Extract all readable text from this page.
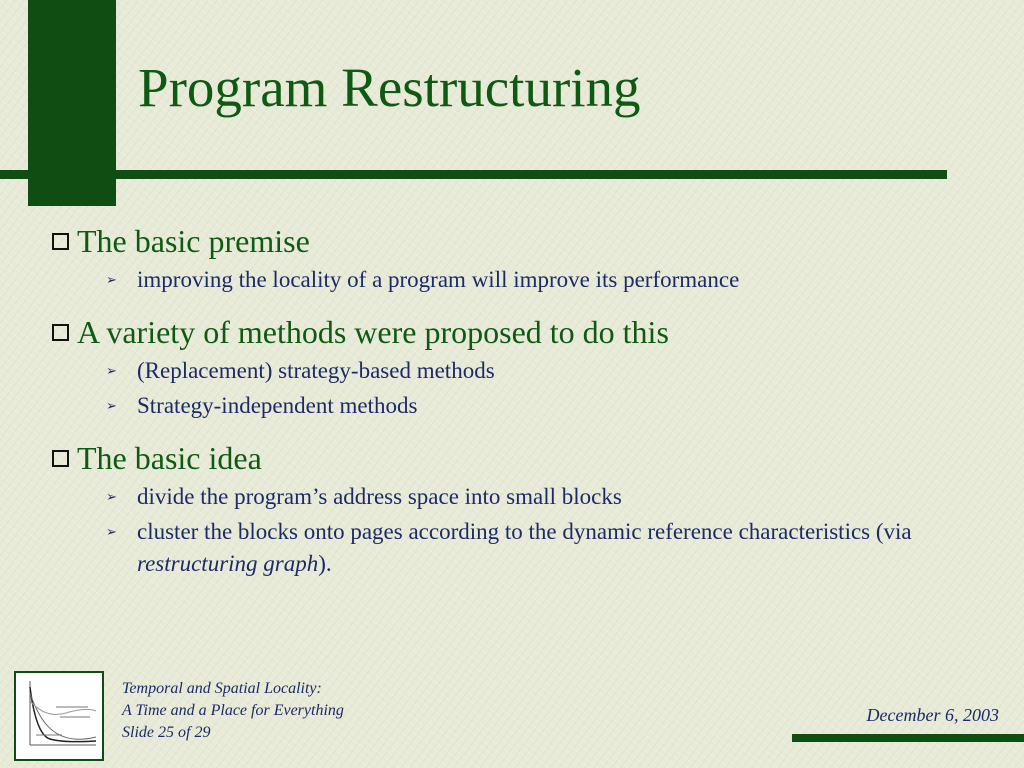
Program Restructuring
The basic premise
➢ improving the locality of a program will improve its performance
A variety of methods were proposed to do this
➢ (Replacement) strategy-based methods
➢ Strategy-independent methods
The basic idea
➢ divide the program’s address space into small blocks
➢ cluster the blocks onto pages according to the dynamic reference characteristics (via restructuring graph).
Temporal and Spatial Locality:
A Time and a Place for Everything
Slide 25 of 29
December 6, 2003
